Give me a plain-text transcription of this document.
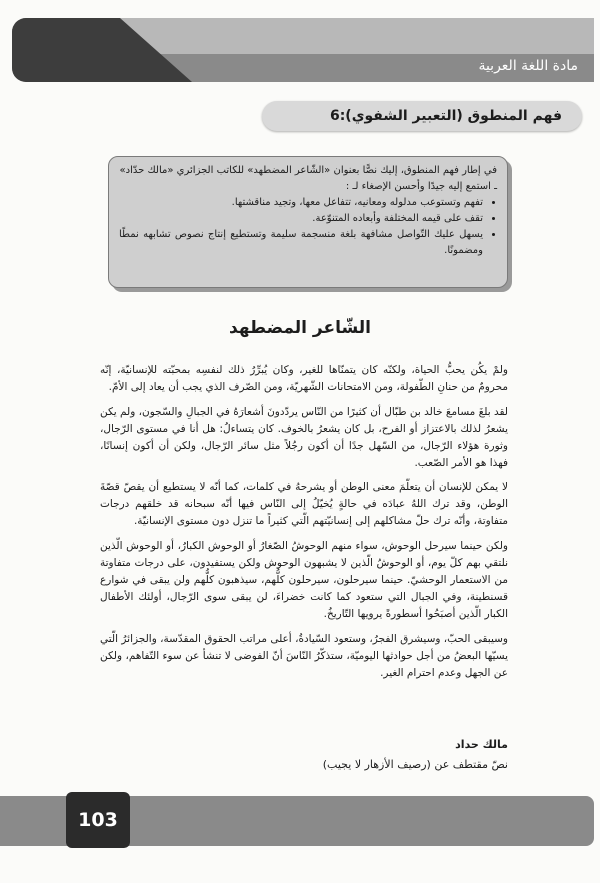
مادة اللغة العربية
فهم المنطوق (التعبير الشفوي):6
في إطار فهم المنطوق، إليك نصًّا بعنوان «الشّاعر المضطهد» للكاتب الجزائري «مالك حدّاد»
ـ استمع إليه جيدًا وأحسن الإصغاء لـ :
• تفهم وتستوعب مدلوله ومعانيه، تتفاعل معها، وتجيد مناقشتها.
• تقف على قيمه المختلفة وأبعاده المتنوّعة.
• يسهل عليك التّواصل مشافهة بلغة منسجمة سليمة وتستطيع إنتاج نصوص تشابهه نمطًا ومضمونًا.
الشّاعر المضطهد

ولمْ يكُن يحبُّ الحياة، ولكنّه كان يتمنّاها للغير، وكان يُبرِّرُ ذلك لنفسِه بمحبّته للإنسانيّة، إنّه محرومٌ من حنانِ الطّفولة، ومن الامتحانات الشّهريّة، ومن الصّرف الذي يجب أن يعاد إلى الأمّ.

لقد بلغَ مسامعَ خالد بن طبّال أن كثيرًا من النّاس يردّدونَ أشعارَهُ في الجبالِ والسّجون، ولم يكن يشعرُ لذلك بالاعتزاز أو الفرح، بل كان يشعرُ بالخوف. كان يتساءلُ: هل أنا في مستوى الرّجال، وثورة هؤلاء الرّجال، من السّهل جدًا أن أكون رجُلاً مثل سائر الرّجال، ولكن أن أكون إنسانًا، فهذا هو الأمر الصّعب.

لا يمكن للإنسان أن يتعلّمَ معنى الوطن أو يشرحهُ في كلمات، كما أنّه لا يستطيع أن يقصّ قصّةَ الوطن، وقد ترك اللهُ عبادَه في حالةٍ يُخيّلُ إلى النّاس فيها أنّه سبحانه قد خلقهم درجات متفاوتة، وأنّه ترك حلّ مشاكلهم إلى إنسانيّتهم الّتي كثيراً ما تنزل دون مستوى الإنسانيّة.

ولكن حينما سيرحل الوحوش، سواء منهم الوحوشُ الصّغارُ أو الوحوش الكبارُ، أو الوحوش الّذين نلتقي بهم كلّ يوم، أو الوحوشُ الّذين لا يشبهون الوحوش ولكن يستفيدون، على درجات متفاوتة من الاستعمار الوحشيّ. حينما سيرحلون، سيرحلون كلُّهم، سيذهبون كلُّهم ولن يبقى في شوارع قسنطينة، وفي الجبال التي ستعود كما كانت خضراءَ، لن يبقى سوى الرّجال، أولئك الأطفال الكبار الّذين أصبَحُوا أسطورةً يرويها التّاريخُ.

وسيبقى الحبّ، وسيشرق الفجرُ، وستعود السّيادةُ، أعلى مراتب الحقوق المقدّسة، والجزائرُ الّتي يسيّها البعضُ من أجل حوادثها اليوميّة، ستذكّرُ النّاسَ أنّ الفوضى لا تنشأ عن سوء التّفاهم، ولكن عن الجهل وعدم احترام الغير.

مالك حداد
نصّ مقتطف عن (رصيف الأزهار لا يجيب)
103
